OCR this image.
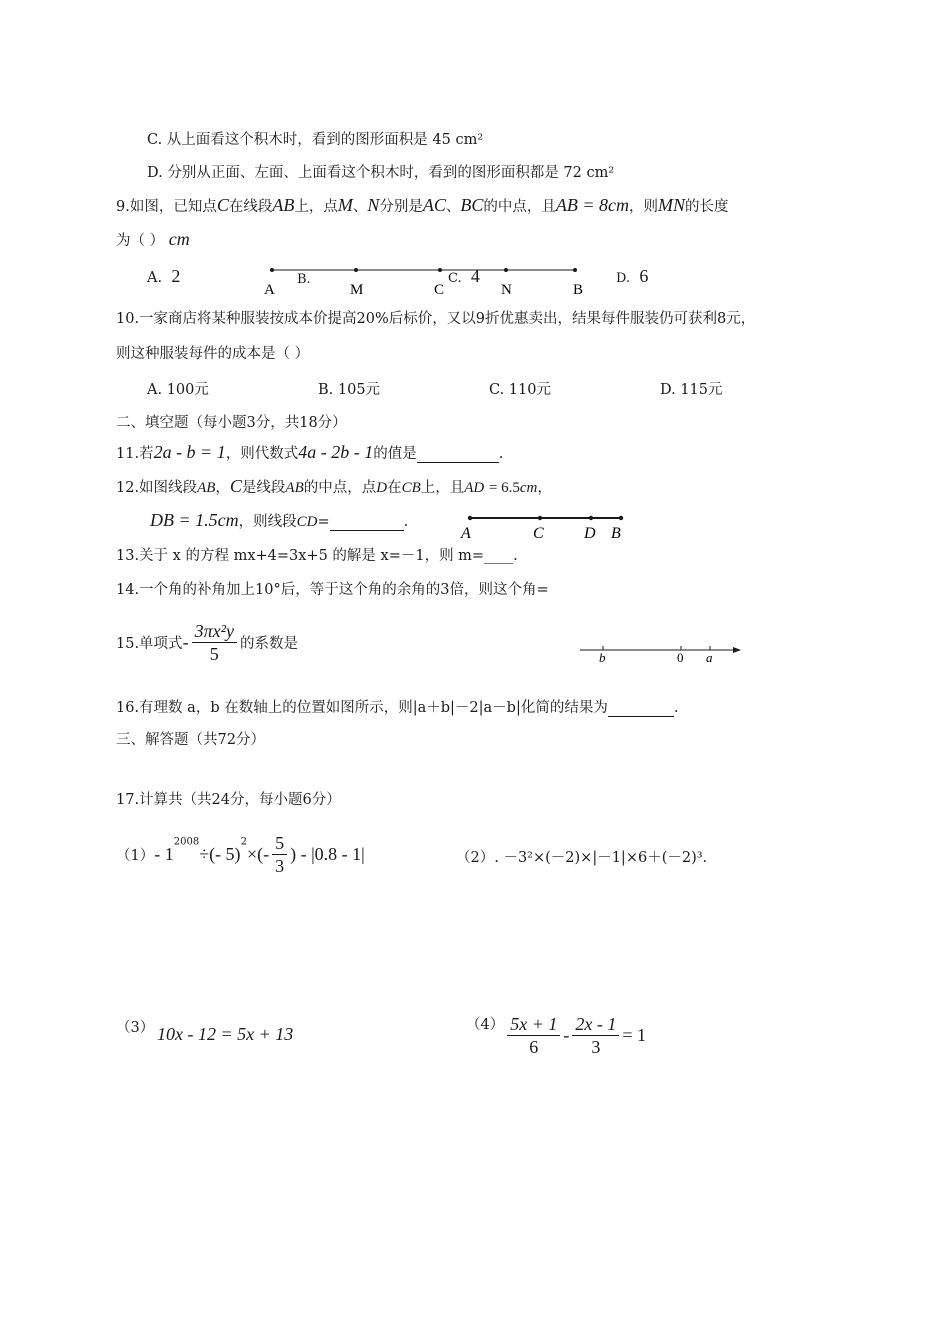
C. 从上面看这个积木时，看到的图形面积是 45 cm²
D. 分别从正面、左面、上面看这个积木时，看到的图形面积都是 72 cm²
9.如图，已知点C在线段AB上，点M、N分别是AC、BC的中点，且AB = 8cm，则MN的长度
为（ ） cm
A. 2	B.	C. 4	D. 6
A	M	C	N	B
10.一家商店将某种服装按成本价提高20%后标价，又以9折优惠卖出，结果每件服装仍可获利8元，
则这种服装每件的成本是（ ）
A. 100元	B. 105元	C. 110元	D. 115元
二、填空题（每小题3分，共18分）
11.若2a - b = 1，则代数式4a - 2b - 1的值是	.
12.如图线段AB，C是线段AB的中点，点D在CB上，且AD = 6.5cm，
DB = 1.5cm，则线段CD=	.
A	C	D B
13.关于 x 的方程 mx+4=3x+5 的解是 x=－1，则 m=____.
14.一个角的补角加上10°后，等于这个角的余角的3倍，则这个角=
15.单项式- $\frac{\text{3πx²y}}{5}$ 的系数是
b	0 a
16.有理数 a，b 在数轴上的位置如图所示，则|a＋b|－2|a－b|化简的结果为	.
三、解答题（共72分）
17.计算共（共24分，每小题6分）
（1）- $1^{2008}\div(-$ $5)^2\times(- \frac{5}{3}$ ) - |0.8 - 1|	（2）. －3²×(－2)×|－1|×6＋(－2)³.
（3） 10x - 12 = 5x + 13	$(4) \frac{5x + 1}{6} - \frac{2x - 1}{3} = 1$
